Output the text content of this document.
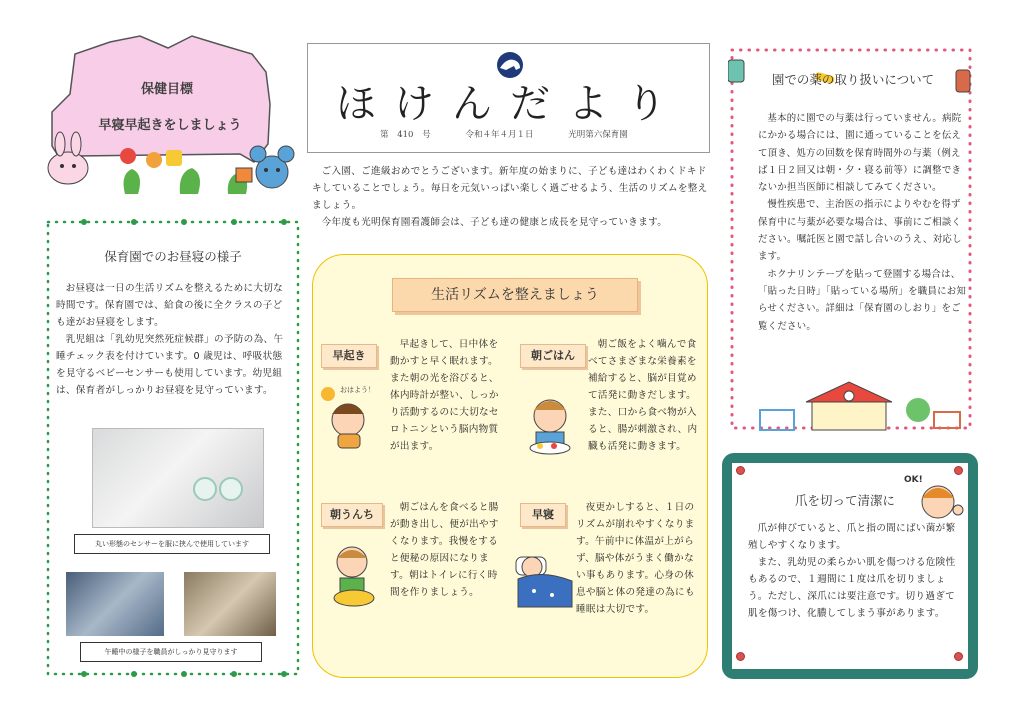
保健目標
早寝早起きをしましょう
保育園でのお昼寝の様子

お昼寝は一日の生活リズムを整えるために大切な時間です。保育園では、給食の後に全クラスの子ども達がお昼寝をします。

乳児組は「乳幼児突然死症候群」の予防の為、午睡チェック表を付けています。0 歳児は、呼吸状態を見守るベビーセンサーも使用しています。幼児組は、保育者がしっかりお昼寝を見守っています。

丸い形態のセンサーを服に挟んで使用しています
午睡中の様子を職員がしっかり見守ります
ほけんだより
第 410 号	令和４年４月１日	光明第六保育園

ご入園、ご進級おめでとうございます。新年度の始まりに、子ども達はわくわくドキドキしていることでしょう。毎日を元気いっぱい楽しく過ごせるよう、生活のリズムを整えましょう。

今年度も光明保育園看護師会は、子ども達の健康と成長を見守っていきます。

生活リズムを整えましょう
早起き

早起きして、日中体を動かすと早く眠れます。また朝の光を浴びると、体内時計が整い、しっかり活動するのに大切なセロトニンという脳内物質が出ます。

朝ごはん

朝ご飯をよく噛んで食べてさまざまな栄養素を補給すると、脳が目覚めて活発に動きだします。また、口から食べ物が入ると、腸が刺激され、内臓も活発に動きます。

朝うんち

朝ごはんを食べると腸が動き出し、便が出やすくなります。我慢をすると便秘の原因になります。朝はトイレに行く時間を作りましょう。

早寝

夜更かしすると、１日のリズムが崩れやすくなります。午前中に体温が上がらず、脳や体がうまく働かない事もあります。心身の休息や脳と体の発達の為にも睡眠は大切です。

おはよう！
園での薬の取り扱いについて

基本的に園での与薬は行っていません。病院にかかる場合には、園に通っていることを伝えて頂き、処方の回数を保育時間外の与薬（例えば１日２回又は朝・夕・寝る前等）に調整できないか担当医師に相談してみてください。

慢性疾患で、主治医の指示によりやむを得ず保育中に与薬が必要な場合は、事前にご相談ください。嘱託医と園で話し合いのうえ、対応します。

ホクナリンテープを貼って登園する場合は、「貼った日時」「貼っている場所」を職員にお知らせください。詳細は「保育園のしおり」をご覧ください。

OK!
爪を切って清潔に

爪が伸びていると、爪と指の間にばい菌が繁殖しやすくなります。

また、乳幼児の柔らかい肌を傷つける危険性もあるので、１週間に１度は爪を切りましょう。ただし、深爪には要注意です。切り過ぎて肌を傷つけ、化膿してしまう事があります。
